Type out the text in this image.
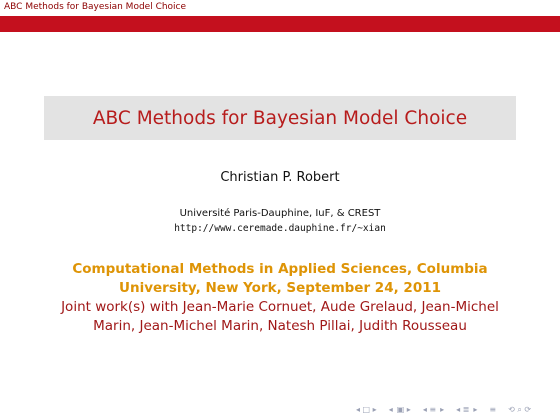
ABC Methods for Bayesian Model Choice
ABC Methods for Bayesian Model Choice
Christian P. Robert
Université Paris-Dauphine, IuF, & CREST
http://www.ceremade.dauphine.fr/~xian
Computational Methods in Applied Sciences, Columbia University, New York, September 24, 2011
Joint work(s) with Jean-Marie Cornuet, Aude Grelaud, Jean-Michel Marin, Jean-Michel Marin, Natesh Pillai, Judith Rousseau
◂ □ ▸ ◂ ▣ ▸ ◂ ≡ ▸ ◂ ≣ ▸ ≡ ⟲ ⌕ ⟳
